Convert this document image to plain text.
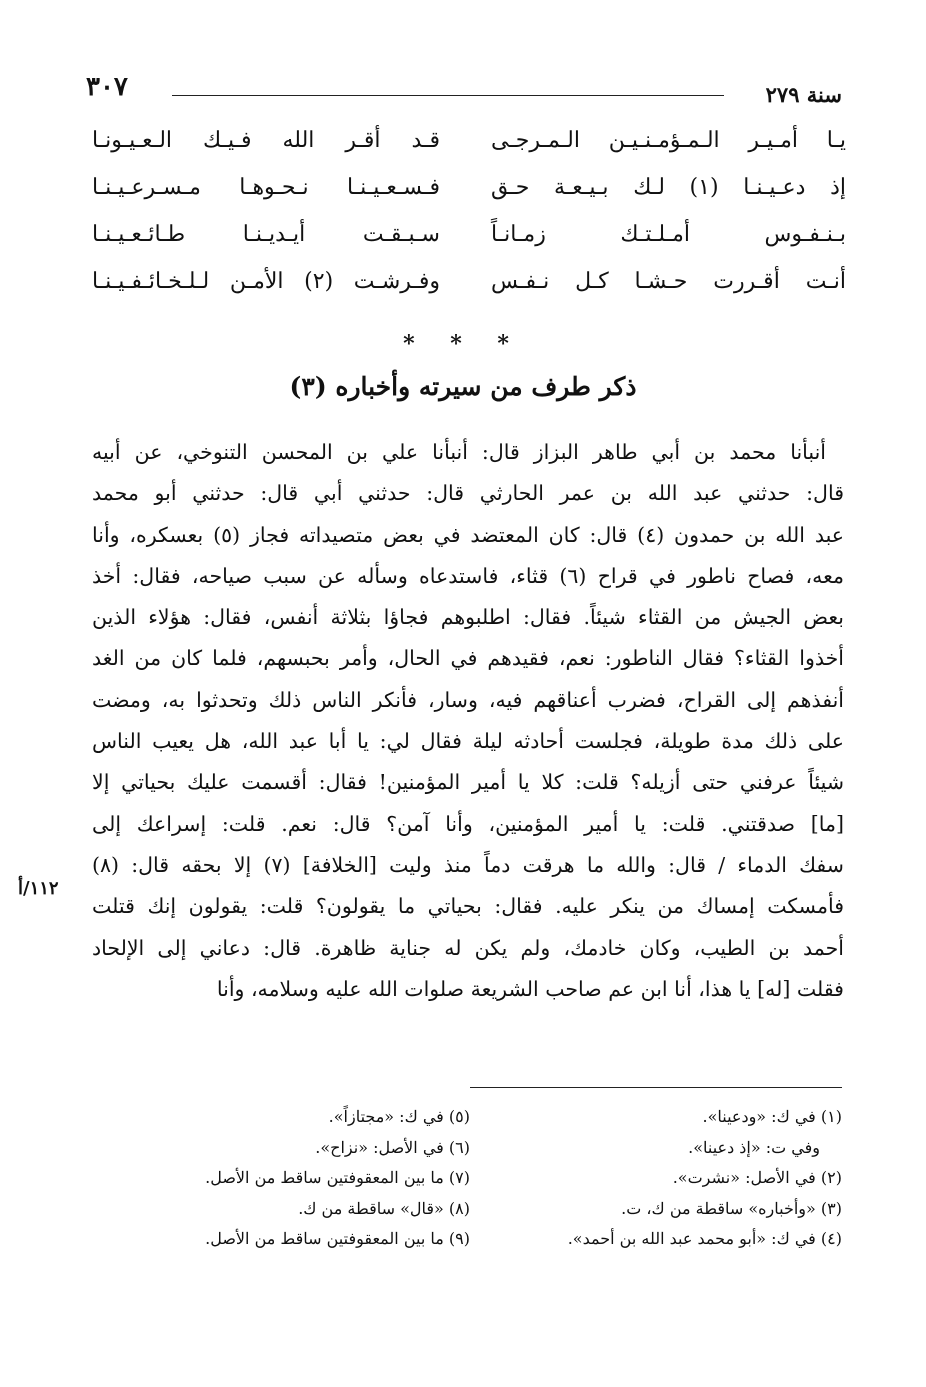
سنة ٢٧٩
٣٠٧
يـا أمـيـر الـمـؤمـنـيـن الـمـرجـى
قـد أقـر الله فـيـك الـعـيـونـا
إذ دعـيـنـا (١) لـك بـيـعـة حـق
فـسـعـيـنـا نـحـوهـا مـسـرعـيـنـا
بـنـفـوس أمـلـتـك زمـانـاً
سـبـقـت أيـديـنـا طـائـعـيـنـا
أنـت أقـررت حـشـا كـل نـفـس
وفـرشـت (٢) الأمـن لـلـخـائـفـيـنـا
* * *
ذكر طرف من سيرته وأخباره (٣)
أنبأنا محمد بن أبي طاهر البزاز قال: أنبأنا علي بن المحسن التنوخي، عن أبيه
قال: حدثني عبد الله بن عمر الحارثي قال: حدثني أبي قال: حدثني أبو محمد
عبد الله بن حمدون (٤) قال: كان المعتضد في بعض متصيداته فجاز (٥) بعسكره، وأنا
معه، فصاح ناطور في قراح (٦) قثاء، فاستدعاه وسأله عن سبب صياحه، فقال: أخذ
بعض الجيش من القثاء شيئاً. فقال: اطلبوهم فجاؤا بثلاثة أنفس، فقال: هؤلاء الذين
أخذوا القثاء؟ فقال الناطور: نعم، فقيدهم في الحال، وأمر بحبسهم، فلما كان من الغد
أنفذهم إلى القراح، فضرب أعناقهم فيه، وسار، فأنكر الناس ذلك وتحدثوا به، ومضت
على ذلك مدة طويلة، فجلست أحادثه ليلة فقال لي: يا أبا عبد الله، هل يعيب الناس
شيئاً عرفني حتى أزيله؟ قلت: كلا يا أمير المؤمنين! فقال: أقسمت عليك بحياتي إلا
[ما] صدقتني. قلت: يا أمير المؤمنين، وأنا آمن؟ قال: نعم. قلت: إسراعك إلى
سفك الدماء / قال: والله ما هرقت دماً منذ وليت [الخلافة] (٧) إلا بحقه قال: (٨)
فأمسكت إمساك من ينكر عليه. فقال: بحياتي ما يقولون؟ قلت: يقولون إنك قتلت
أحمد بن الطيب، وكان خادمك، ولم يكن له جناية ظاهرة. قال: دعاني إلى الإلحاد
فقلت [له] يا هذا، أنا ابن عم صاحب الشريعة صلوات الله عليه وسلامه، وأنا
١١٢/أ
(١) في ك: «ودعينا».
وفي ت: «إذ دعينا».
(٢) في الأصل: «نشرت».
(٣) «وأخباره» ساقطة من ك، ت.
(٤) في ك: «أبو محمد عبد الله بن أحمد».
(٥) في ك: «مجتازاً».
(٦) في الأصل: «نزاح».
(٧) ما بين المعقوفتين ساقط من الأصل.
(٨) «قال» ساقطة من ك.
(٩) ما بين المعقوفتين ساقط من الأصل.
